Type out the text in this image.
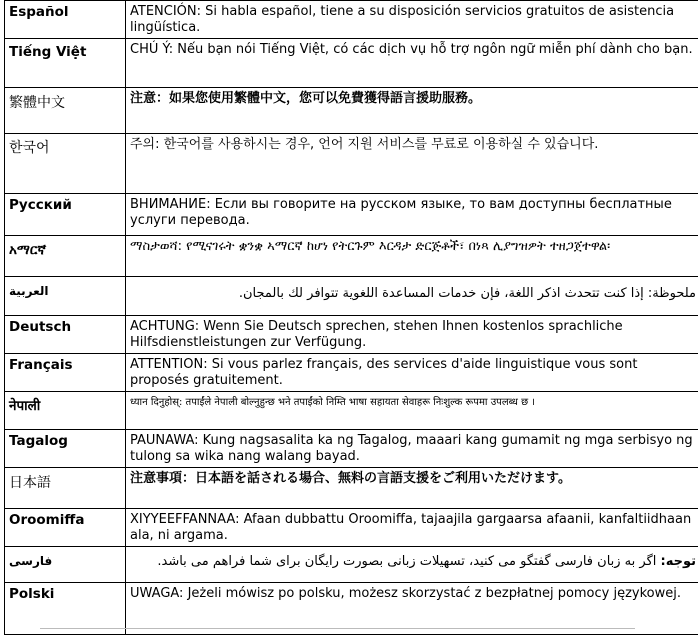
Español	ATENCIÓN: Si habla español, tiene a su disposición servicios gratuitos de asistencia lingüística.
Tiếng Việt	CHÚ Ý: Nếu bạn nói Tiếng Việt, có các dịch vụ hỗ trợ ngôn ngữ miễn phí dành cho bạn.
繁體中文	注意：如果您使用繁體中文，您可以免費獲得語言援助服務。
한국어	주의: 한국어를 사용하시는 경우, 언어 지원 서비스를 무료로 이용하실 수 있습니다.
Русский	ВНИМАНИЕ: Если вы говорите на русском языке, то вам доступны бесплатные услуги перевода.
አማርኛ	ማስታወሻ: የሚናገሩት ቋንቋ ኣማርኛ ከሆነ የትርጉም እርዳታ ድርጅቶች፣ በነጻ ሊያግዝዎት ተዘጋጀተዋል፡
العربية	ملحوظة: إذا كنت تتحدث اذكر اللغة، فإن خدمات المساعدة اللغوية تتوافر لك بالمجان.
Deutsch	ACHTUNG: Wenn Sie Deutsch sprechen, stehen Ihnen kostenlos sprachliche Hilfsdienstleistungen zur Verfügung.
Français	ATTENTION: Si vous parlez français, des services d'aide linguistique vous sont proposés gratuitement.
नेपाली	ध्यान दिनुहोस्: तपाईंले नेपाली बोल्नुहुन्छ भने तपाईंको निम्ति भाषा सहायता सेवाहरू निःशुल्क रूपमा उपलब्ध छ ।
Tagalog	PAUNAWA: Kung nagsasalita ka ng Tagalog, maaari kang gumamit ng mga serbisyo ng tulong sa wika nang walang bayad.
日本語	注意事項：日本語を話される場合、無料の言語支援をご利用いただけます。
Oroomiffa	XIYYEEFFANNAA: Afaan dubbattu Oroomiffa, tajaajila gargaarsa afaanii, kanfaltiidhaan ala, ni argama.
فارسی	توجه: اگر به زبان فارسی گفتگو می کنید، تسهیلات زبانی بصورت رایگان برای شما فراهم می باشد.
Polski	UWAGA: Jeżeli mówisz po polsku, możesz skorzystać z bezpłatnej pomocy językowej.
